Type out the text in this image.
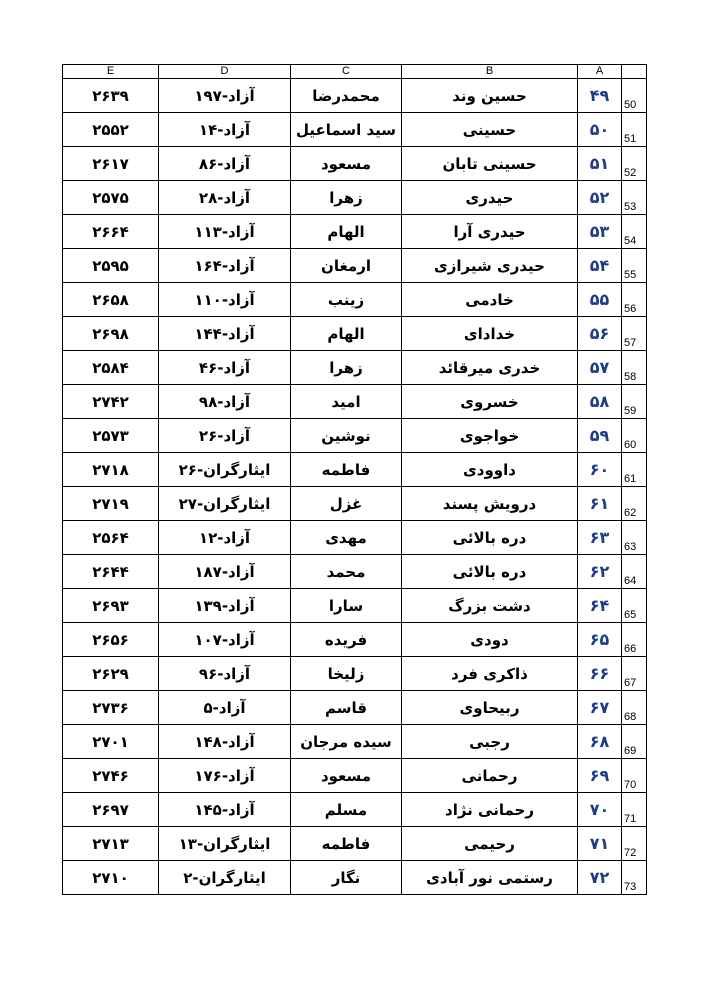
E	D	C	B	A	
۲۶۳۹	آزاد-۱۹۷	محمدرضا	حسین وند	۴۹	50
۲۵۵۲	آزاد-۱۴	سید اسماعیل	حسینی	۵۰	51
۲۶۱۷	آزاد-۸۶	مسعود	حسینی تابان	۵۱	52
۲۵۷۵	آزاد-۲۸	زهرا	حیدری	۵۲	53
۲۶۶۴	آزاد-۱۱۳	الهام	حیدری آرا	۵۳	54
۲۵۹۵	آزاد-۱۶۴	ارمغان	حیدری شیرازی	۵۴	55
۲۶۵۸	آزاد-۱۱۰	زینب	خادمی	۵۵	56
۲۶۹۸	آزاد-۱۴۴	الهام	خدادای	۵۶	57
۲۵۸۴	آزاد-۴۶	زهرا	خدری میرقائد	۵۷	58
۲۷۴۲	آزاد-۹۸	امید	خسروی	۵۸	59
۲۵۷۳	آزاد-۲۶	نوشین	خواجوی	۵۹	60
۲۷۱۸	ایثارگران-۲۶	فاطمه	داوودی	۶۰	61
۲۷۱۹	ایثارگران-۲۷	غزل	درویش پسند	۶۱	62
۲۵۶۴	آزاد-۱۲	مهدی	دره بالائی	۶۳	63
۲۶۴۴	آزاد-۱۸۷	محمد	دره بالائی	۶۲	64
۲۶۹۳	آزاد-۱۳۹	سارا	دشت بزرگ	۶۴	65
۲۶۵۶	آزاد-۱۰۷	فریده	دودی	۶۵	66
۲۶۲۹	آزاد-۹۶	زلیخا	ذاکری فرد	۶۶	67
۲۷۳۶	آزاد-۵	قاسم	ربیحاوی	۶۷	68
۲۷۰۱	آزاد-۱۴۸	سیده مرجان	رجبی	۶۸	69
۲۷۴۶	آزاد-۱۷۶	مسعود	رحمانی	۶۹	70
۲۶۹۷	آزاد-۱۴۵	مسلم	رحمانی نژاد	۷۰	71
۲۷۱۳	ایثارگران-۱۳	فاطمه	رحیمی	۷۱	72
۲۷۱۰	ایثارگران-۲	نگار	رستمی نور آبادی	۷۲	73
